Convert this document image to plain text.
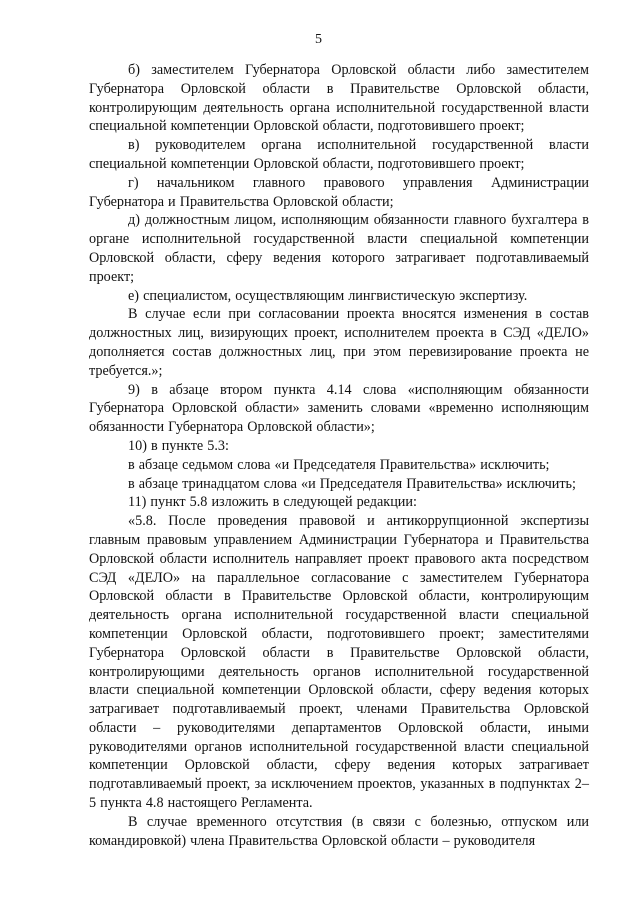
5

б) заместителем Губернатора Орловской области либо заместителем Губернатора Орловской области в Правительстве Орловской области, контролирующим деятельность органа исполнительной государственной власти специальной компетенции Орловской области, подготовившего проект;

в) руководителем органа исполнительной государственной власти специальной компетенции Орловской области, подготовившего проект;

г) начальником главного правового управления Администрации Губернатора и Правительства Орловской области;

д) должностным лицом, исполняющим обязанности главного бухгалтера в органе исполнительной государственной власти специальной компетенции Орловской области, сферу ведения которого затрагивает подготавливаемый проект;

е) специалистом, осуществляющим лингвистическую экспертизу.

В случае если при согласовании проекта вносятся изменения в состав должностных лиц, визирующих проект, исполнителем проекта в СЭД «ДЕЛО» дополняется состав должностных лиц, при этом перевизирование проекта не требуется.»;

9) в абзаце втором пункта 4.14 слова «исполняющим обязанности Губернатора Орловской области» заменить словами «временно исполняющим обязанности Губернатора Орловской области»;

10) в пункте 5.3:

в абзаце седьмом слова «и Председателя Правительства» исключить;

в абзаце тринадцатом слова «и Председателя Правительства» исключить;

11) пункт 5.8 изложить в следующей редакции:

«5.8. После проведения правовой и антикоррупционной экспертизы главным правовым управлением Администрации Губернатора и Правительства Орловской области исполнитель направляет проект правового акта посредством СЭД «ДЕЛО» на параллельное согласование с заместителем Губернатора Орловской области в Правительстве Орловской области, контролирующим деятельность органа исполнительной государственной власти специальной компетенции Орловской области, подготовившего проект; заместителями Губернатора Орловской области в Правительстве Орловской области, контролирующими деятельность органов исполнительной государственной власти специальной компетенции Орловской области, сферу ведения которых затрагивает подготавливаемый проект, членами Правительства Орловской области – руководителями департаментов Орловской области, иными руководителями органов исполнительной государственной власти специальной компетенции Орловской области, сферу ведения которых затрагивает подготавливаемый проект, за исключением проектов, указанных в подпунктах 2–5 пункта 4.8 настоящего Регламента.

В случае временного отсутствия (в связи с болезнью, отпуском или командировкой) члена Правительства Орловской области – руководителя
